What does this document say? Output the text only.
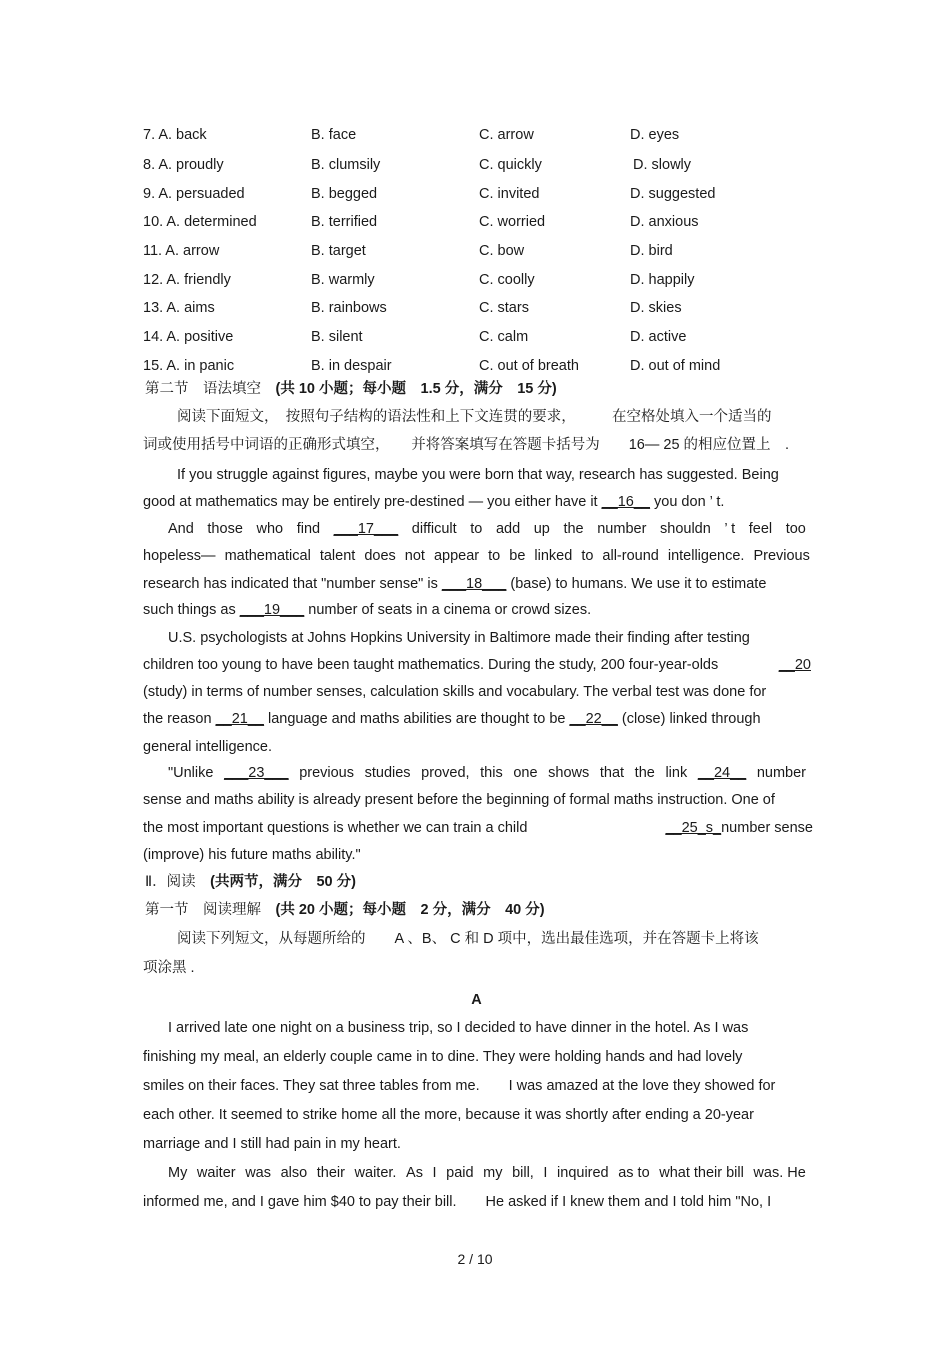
7. A. back	B. face	C. arrow	D. eyes
8. A. proudly	B. clumsily	C. quickly	D. slowly
9. A. persuaded	B. begged	C. invited	D. suggested
10. A. determined	B. terrified	C. worried	D. anxious
11. A. arrow	B. target	C. bow	D. bird
12. A. friendly	B. warmly	C. coolly	D. happily
13. A. aims	B. rainbows	C. stars	D. skies
14. A. positive	B. silent	C. calm	D. active
15. A. in panic	B. in despair	C. out of breath	D. out of mind
第二节　语法填空　(共 10 小题；每小题　1.5 分，满分　15 分)
阅读下面短文，　按照句子结构的语法性和上下文连贯的要求，　　　在空格处填入一个适当的
词或使用括号中词语的正确形式填空，　　并将答案填写在答题卡括号为　　16— 25 的相应位置上　.
If you struggle against figures, maybe you were born that way, research has suggested. Being
good at mathematics may be entirely pre-destined — you either have it __16__ you don ’ t.
And those who find ___17___ difficult to add up the number shouldn ’ t feel too
hopeless— mathematical talent does not appear to be linked to all-round intelligence. Previous
research has indicated that "number sense" is ___18___ (base) to humans. We use it to estimate
such things as ___19___ number of seats in a cinema or crowd sizes.
U.S. psychologists at Johns Hopkins University in Baltimore made their finding after testing
children too young to have been taught mathematics. During the study, 200 four-year-olds	__20
(study) in terms of number senses, calculation skills and vocabulary. The verbal test was done for
the reason __21__ language and maths abilities are thought to be __22__ (close) linked through
general intelligence.
"Unlike ___23___ previous studies proved, this one shows that the link __24__ number
sense and maths ability is already present before the beginning of formal maths instruction. One of
the most important questions is whether we can train a child	__25_s_number sense
(improve) his future maths ability."
Ⅱ．阅读　(共两节，满分　50 分)
第一节　阅读理解　(共 20 小题；每小题　2 分，满分　40 分)
阅读下列短文，从每题所给的　　A 、B、 C 和 D 项中，选出最佳选项，并在答题卡上将该
项涂黑 .
A
I arrived late one night on a business trip, so I decided to have dinner in the hotel. As I was
finishing my meal, an elderly couple came in to dine. They were holding hands and had lovely
smiles on their faces. They sat three tables from me.　　I was amazed at the love they showed for
each other. It seemed to strike home all the more, because it was shortly after ending a 20-year
marriage and I still had pain in my heart.
My waiter was also their waiter. As I paid my bill, I inquired as to what their bill was. He
informed me, and I gave him $40 to pay their bill.　　He asked if I knew them and I told him "No, I
2 / 10
